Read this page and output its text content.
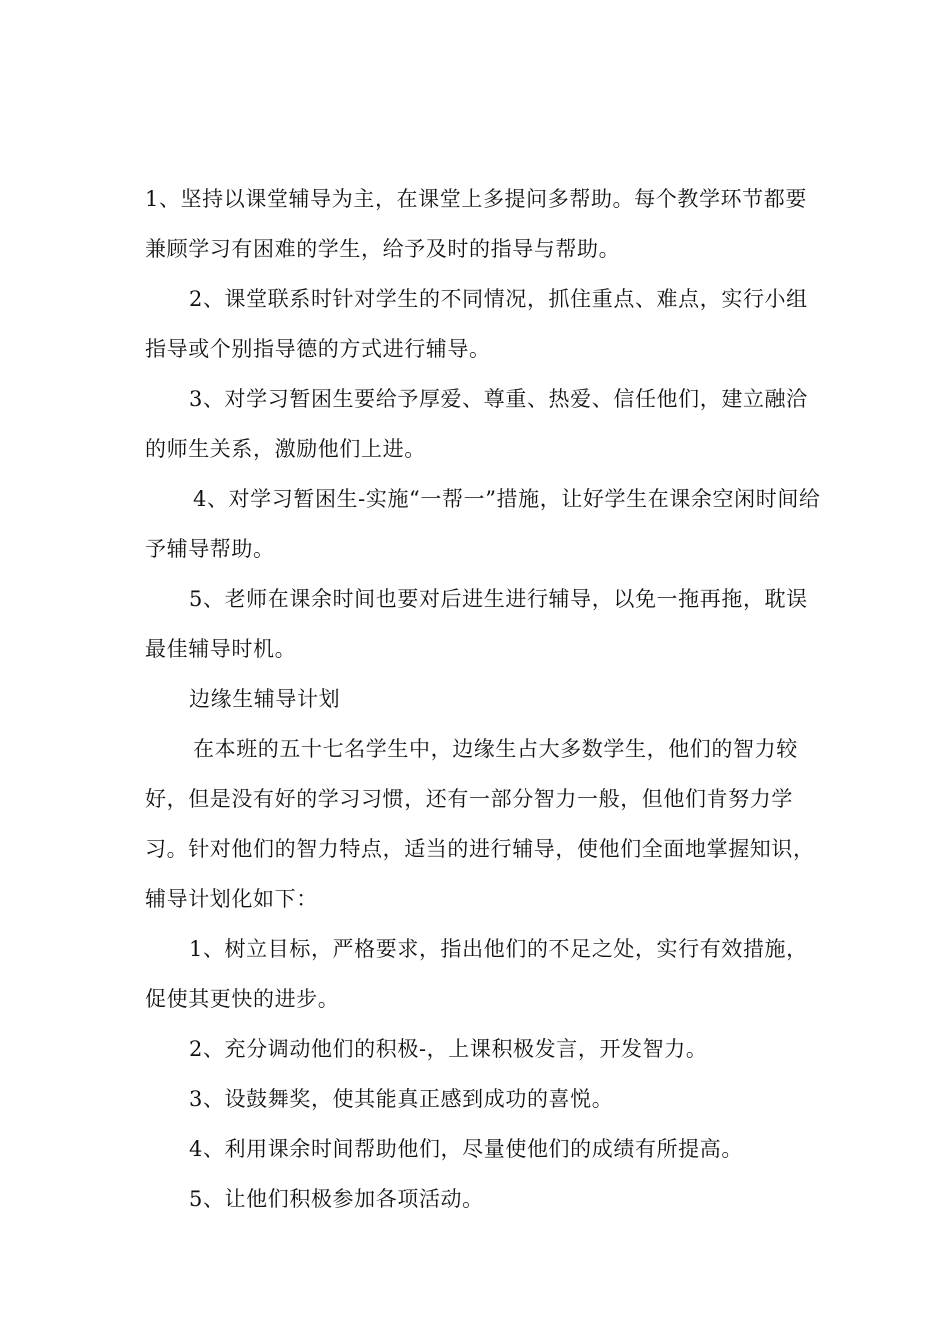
1、坚持以课堂辅导为主，在课堂上多提问多帮助。每个教学环节都要兼顾学习有困难的学生，给予及时的指导与帮助。

2、课堂联系时针对学生的不同情况，抓住重点、难点，实行小组指导或个别指导德的方式进行辅导。

3、对学习暂困生要给予厚爱、尊重、热爱、信任他们，建立融洽的师生关系，激励他们上进。

4、对学习暂困生-实施“一帮一”措施，让好学生在课余空闲时间给予辅导帮助。

5、老师在课余时间也要对后进生进行辅导，以免一拖再拖，耽误最佳辅导时机。

边缘生辅导计划

在本班的五十七名学生中，边缘生占大多数学生，他们的智力较好，但是没有好的学习习惯，还有一部分智力一般，但他们肯努力学习。针对他们的智力特点，适当的进行辅导，使他们全面地掌握知识，辅导计划化如下：

1、树立目标，严格要求，指出他们的不足之处，实行有效措施，促使其更快的进步。

2、充分调动他们的积极-，上课积极发言，开发智力。

3、设鼓舞奖，使其能真正感到成功的喜悦。

4、利用课余时间帮助他们，尽量使他们的成绩有所提高。

5、让他们积极参加各项活动。
